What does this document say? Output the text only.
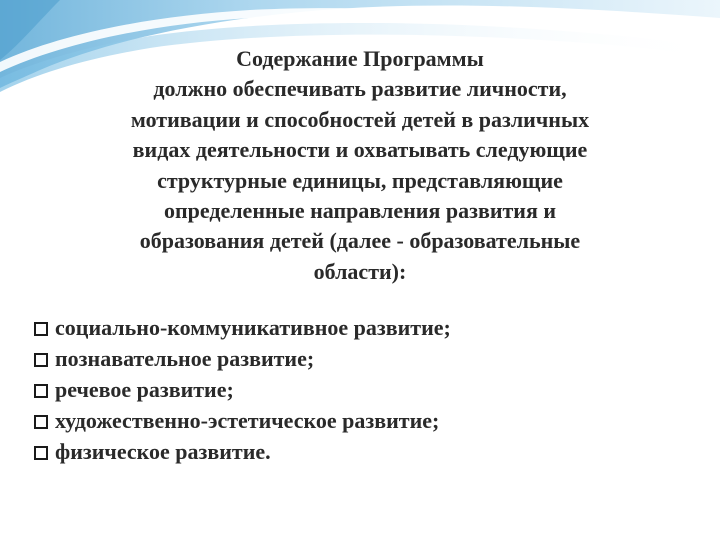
Содержание Программы
должно обеспечивать развитие личности,
мотивации и способностей детей в различных
видах деятельности и охватывать следующие
структурные единицы, представляющие
определенные направления развития и
образования детей (далее - образовательные
области):

социально-коммуникативное развитие;
познавательное развитие;
речевое развитие;
художественно-эстетическое развитие;
физическое развитие.
